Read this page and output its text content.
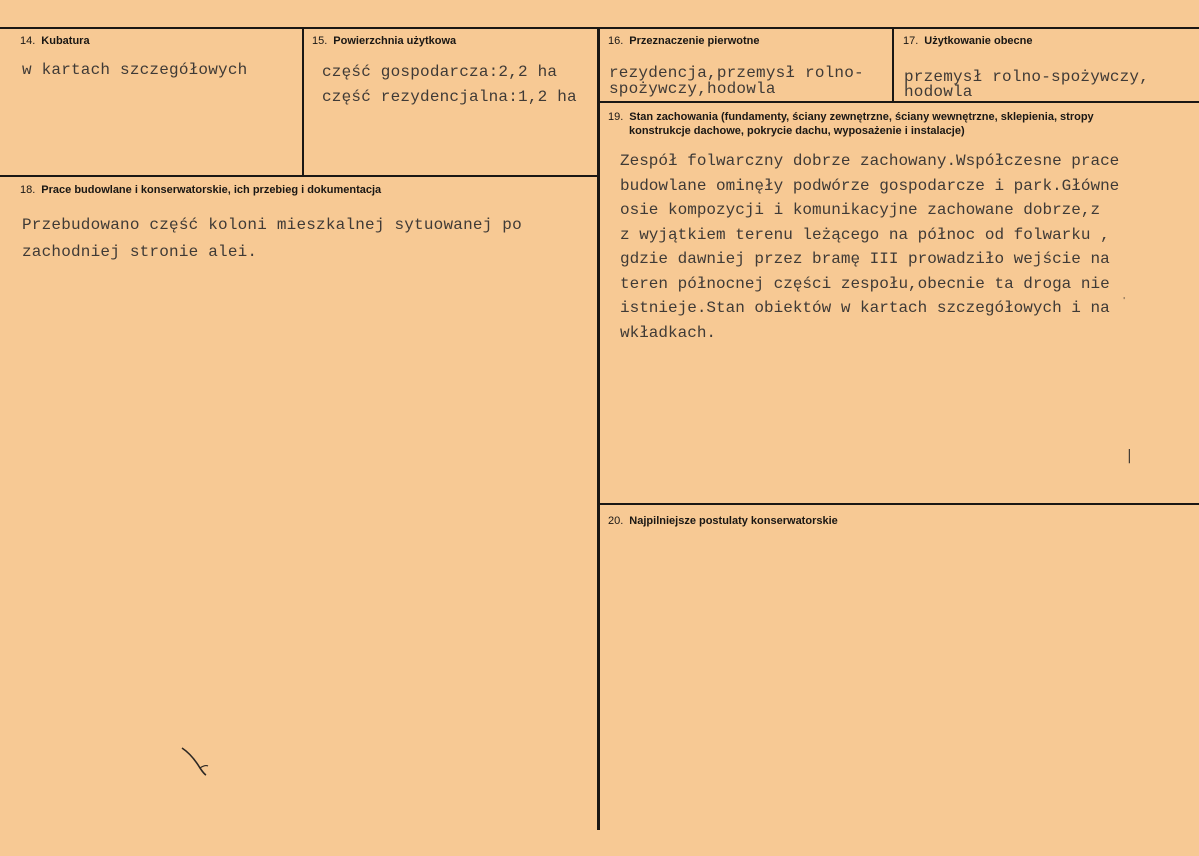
14. Kubatura
w kartach szczegółowych
15. Powierzchnia użytkowa
część gospodarcza:2,2 ha
część rezydencjalna:1,2 ha
16. Przeznaczenie pierwotne
rezydencja,przemysł rolno-
spożywczy,hodowla
17. Użytkowanie obecne
przemysł rolno-spożywczy,
hodowla
18. Prace budowlane i konserwatorskie, ich przebieg i dokumentacja
Przebudowano część koloni mieszkalnej sytuowanej po
zachodniej stronie alei.
19. Stan zachowania (fundamenty, ściany zewnętrzne, ściany wewnętrzne, sklepienia, stropy
konstrukcje dachowe, pokrycie dachu, wyposażenie i instalacje)
Zespół folwarczny dobrze zachowany.Współczesne prace
budowlane ominęły podwórze gospodarcze i park.Główne
osie kompozycji i komunikacyjne zachowane dobrze,z
z wyjątkiem terenu leżącego na północ od folwarku ,
gdzie dawniej przez bramę III prowadziło wejście na
teren północnej części zespołu,obecnie ta droga nie
istnieje.Stan obiektów w kartach szczegółowych i na
wkładkach.
20. Najpilniejsze postulaty konserwatorskie
'
|
